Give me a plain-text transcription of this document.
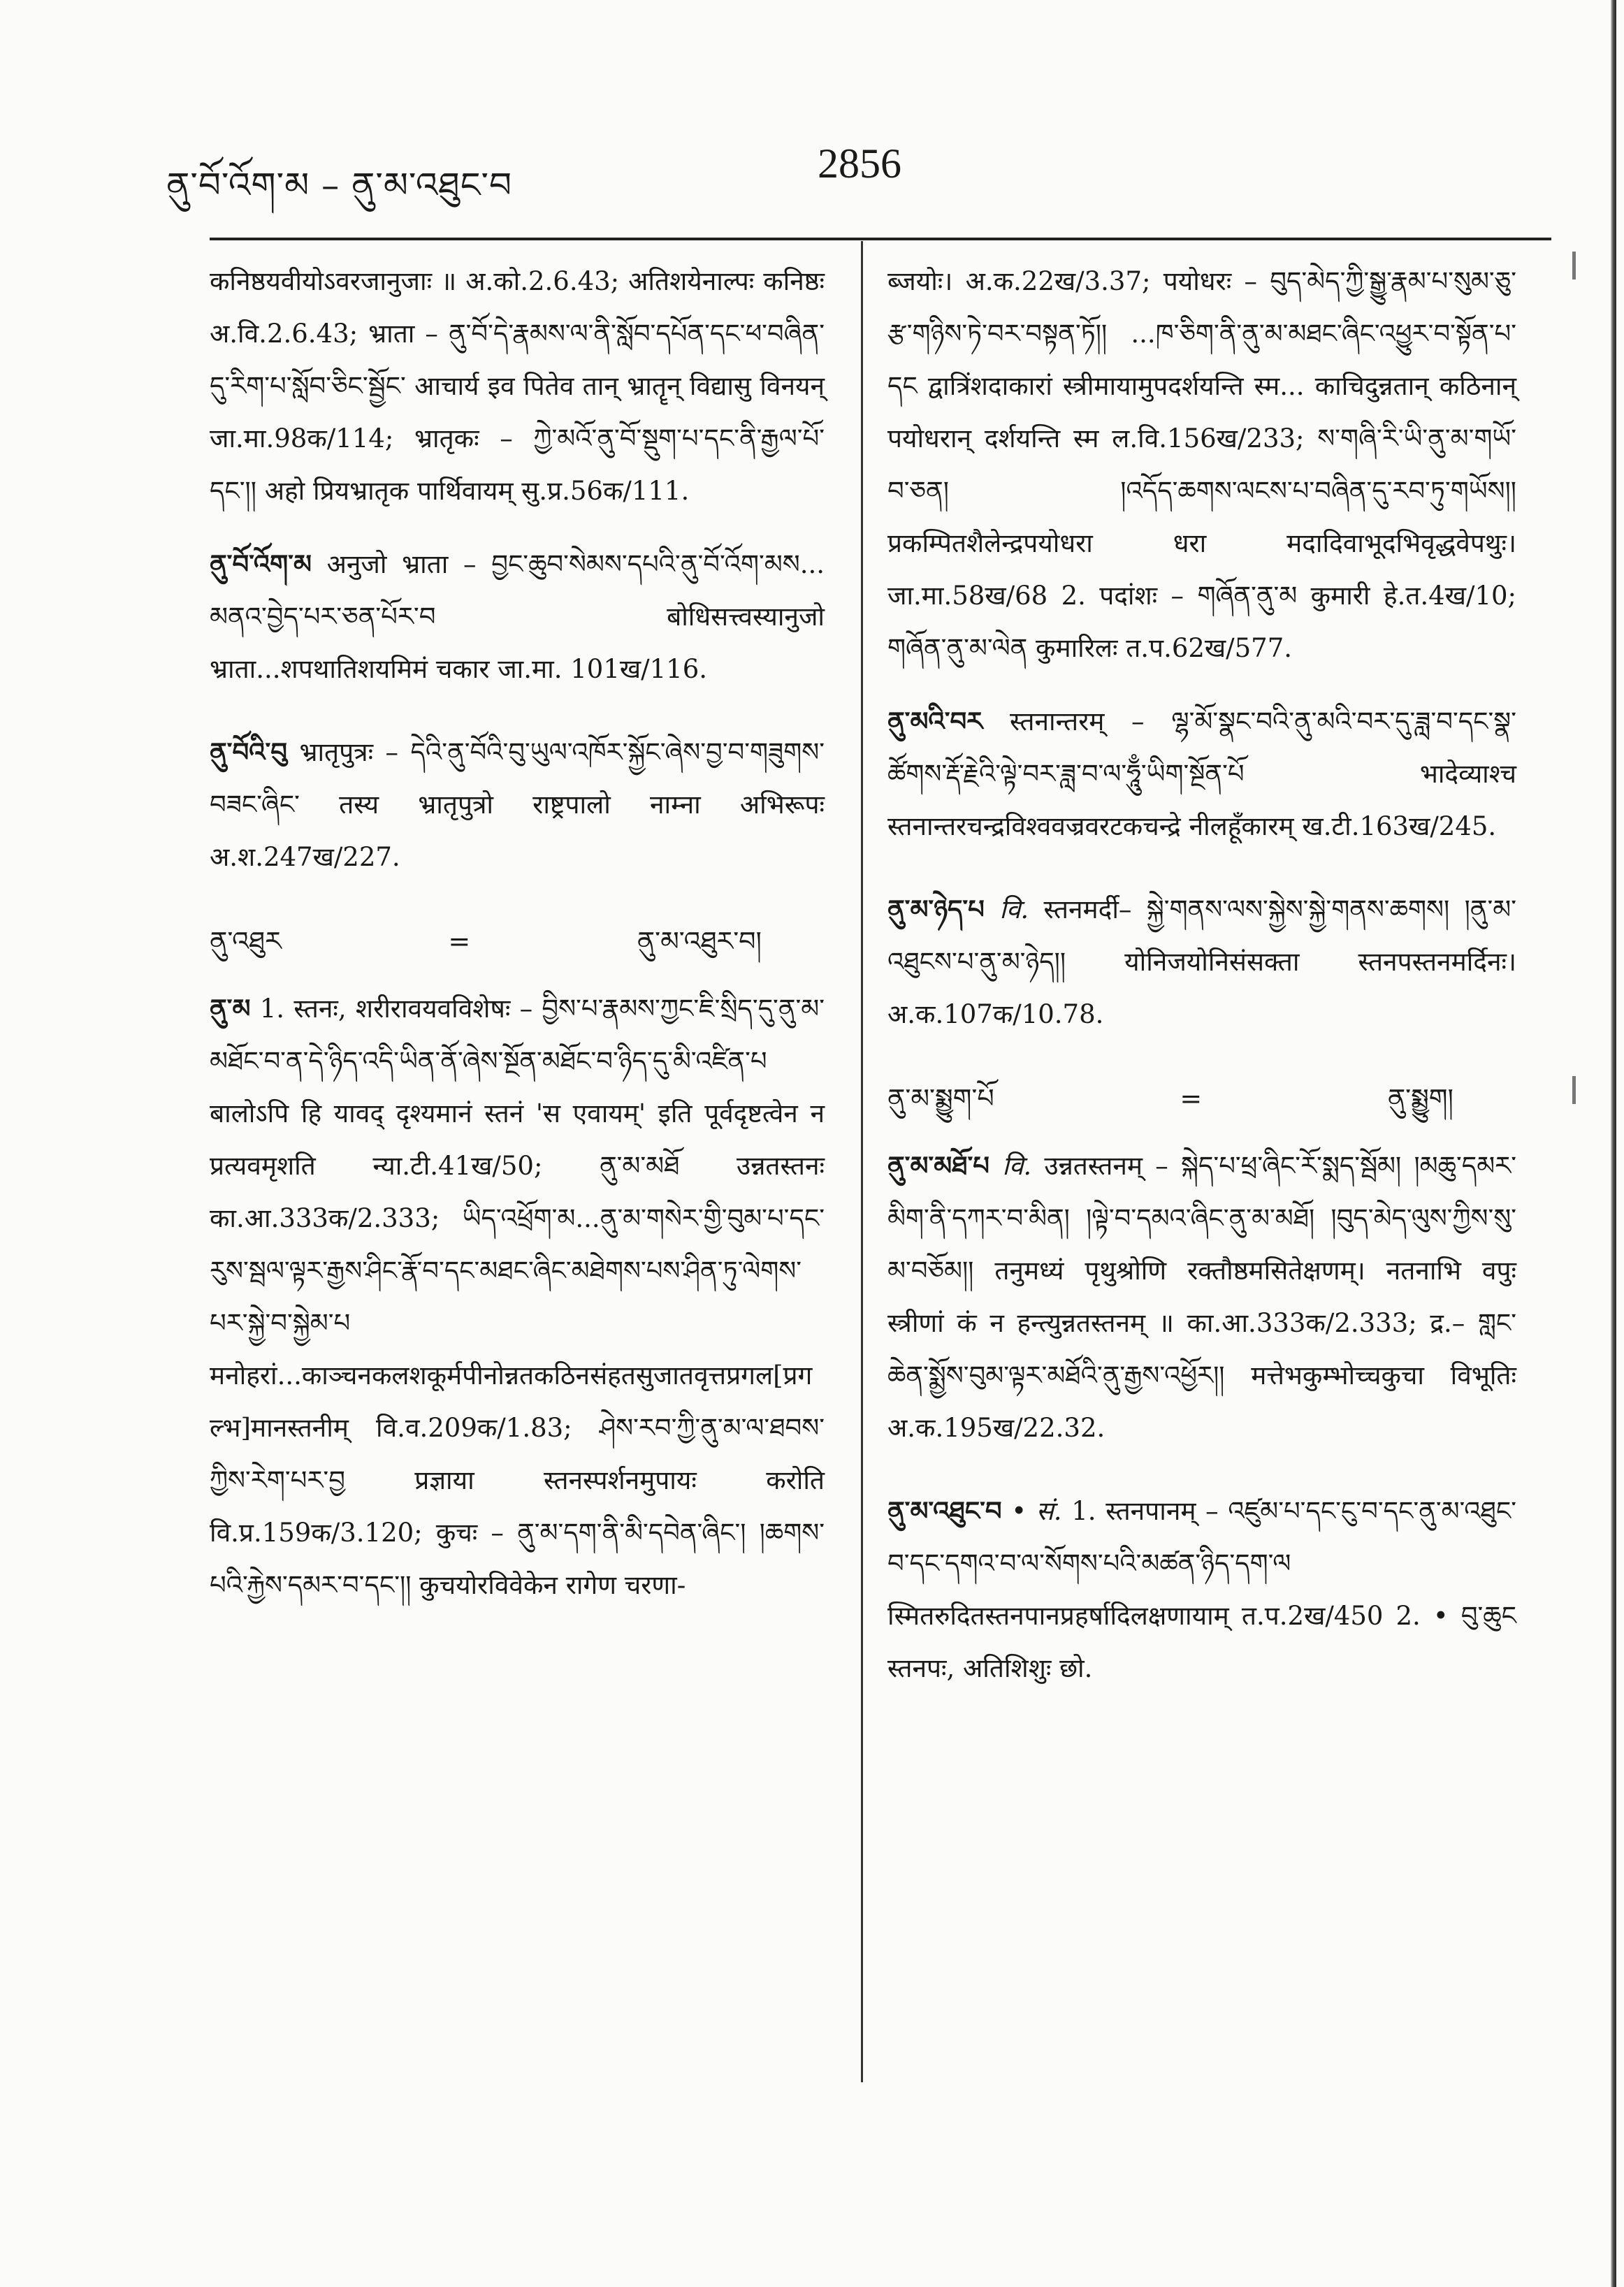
ནུ་བོ་འོག་མ – ནུ་མ་འཐུང་བ	2856
कनिष्ठयवीयोऽवरजानुजाः ॥ अ.को.2.6.43; अतिशयेनाल्पः कनिष्ठः अ.वि.2.6.43; भ्राता – ནུ་བོ་དེ་རྣམས་ལ་ནི་སློབ་དཔོན་དང་ཕ་བཞིན་དུ་རིག་པ་སློབ་ཅིང་སྦྱོང་ आचार्य इव पितेव तान् भ्रातॄन् विद्यासु विनयन् जा.मा.98क/114; भ्रातृकः – ཀྱེ་མའོ་ནུ་བོ་སྡུག་པ་དང་ནི་རྒྱལ་པོ་དང་།། अहो प्रियभ्रातृक पार्थिवायम् सु.प्र.56क/111.
ནུ་བོ་འོག་མ अनुजो भ्राता – བྱང་ཆུབ་སེམས་དཔའི་ནུ་བོ་འོག་མས... མནའ་བྱེད་པར་ཅན་པོར་བ बोधिसत्त्वस्यानुजो भ्राता...शपथातिशयमिमं चकार जा.मा. 101ख/116.
ནུ་བོའི་བུ भ्रातृपुत्रः – དེའི་ནུ་བོའི་བུ་ཡུལ་འཁོར་སྐྱོང་ཞེས་བྱ་བ་གཟུགས་བཟང་ཞིང་ तस्य भ्रातृपुत्रो राष्ट्रपालो नाम्ना अभिरूपः अ.श.247ख/227.
ནུ་འཐུར	=	ནུ་མ་འཐུར་བ།
ནུ་མ 1. स्तनः, शरीरावयवविशेषः – བྱིས་པ་རྣམས་ཀྱང་ཇི་སྲིད་དུ་ནུ་མ་མཐོང་བ་ན་དེ་ཉིད་འདི་ཡིན་ནོ་ཞེས་སྔོན་མཐོང་བ་ཉིད་དུ་མི་འཛིན་པ बालोऽपि हि यावद् दृश्यमानं स्तनं 'स एवायम्' इति पूर्वदृष्टत्वेन न प्रत्यवमृशति न्या.टी.41ख/50; ནུ་མ་མཐོ उन्नतस्तनः का.आ.333क/2.333; ཡིད་འཕྲོག་མ...ནུ་མ་གསེར་གྱི་བུམ་པ་དང་རུས་སྦལ་ལྟར་རྒྱས་ཤིང་རྣོ་བ་དང་མཐང་ཞིང་མཐེགས་པས་ཤིན་ཏུ་ལེགས་པར་སྐྱེ་བ་སྐྱེམ་པ मनोहरां...काञ्चनकलशकूर्मपीनोन्नतकठिनसंहतसुजातवृत्तप्रगल[प्रगल्भ]मानस्तनीम् वि.व.209क/1.83; ཤེས་རབ་ཀྱི་ནུ་མ་ལ་ཐབས་ཀྱིས་རེག་པར་བྱ प्रज्ञाया स्तनस्पर्शनमुपायः करोति वि.प्र.159क/3.120; कुचः – ནུ་མ་དག་ནི་མི་དབེན་ཞིང་། །ཆགས་པའི་རྐྱེས་དམར་བ་དང་།། कुचयोरविवेकेन रागेण चरणा-
ब्जयोः। अ.क.22ख/3.37; पयोधरः – བུད་མེད་ཀྱི་སྒྱུ་རྣམ་པ་སུམ་ཅུ་རྩ་གཉིས་ཏེ་བར་བསྟན་ཏོ།། ...ཁ་ཅིག་ནི་ནུ་མ་མཐང་ཞིང་འཕྱུར་བ་སྟོན་པ་དང द्वात्रिंशदाकारां स्त्रीमायामुपदर्शयन्ति स्म... काचिदुन्नतान् कठिनान् पयोधरान् दर्शयन्ति स्म ल.वि.156ख/233; ས་གཞི་རི་ཡི་ནུ་མ་གཡོ་བ་ཅན། །འདོད་ཆགས་ལངས་པ་བཞིན་དུ་རབ་ཏུ་གཡོས།། प्रकम्पितशैलेन्द्रपयोधरा धरा मदादिवाभूदभिवृद्धवेपथुः। जा.मा.58ख/68 2. पदांशः – གཞོན་ནུ་མ कुमारी हे.त.4ख/10; གཞོན་ནུ་མ་ལེན कुमारिलः त.प.62ख/577.
ནུ་མའི་བར स्तनान्तरम् – ལྷ་མོ་སྣང་བའི་ནུ་མའི་བར་དུ་ཟླ་བ་དང་སྣ་ཚོགས་རྡོ་རྗེའི་ལྟེ་བར་ཟླ་བ་ལ་ཧཱུྃ་ཡིག་སྔོན་པོ भादेव्याश्च स्तनान्तरचन्द्रविश्ववज्रवरटकचन्द्रे नीलहूँकारम् ख.टी.163ख/245.
ནུ་མ་ཉེད་པ वि. स्तनमर्दी– སྐྱེ་གནས་ལས་སྐྱེས་སྐྱེ་གནས་ཆགས། །ནུ་མ་འཐུངས་པ་ནུ་མ་ཉེད།། योनिजयोनिसंसक्ता स्तनपस्तनमर्दिनः। अ.क.107क/10.78.
ནུ་མ་སྨྱུག་པོ	=	ནུ་སྨྱུག།
ནུ་མ་མཐོ་པ वि. उन्नतस्तनम् – སྐེད་པ་ཕྲ་ཞིང་རོ་སྨད་སྦོམ། །མཆུ་དམར་མིག་ནི་དཀར་བ་མིན། །ལྟེ་བ་དམའ་ཞིང་ནུ་མ་མཐོ། །བུད་མེད་ལུས་ཀྱིས་སུ་མ་བཅོམ།། तनुमध्यं पृथुश्रोणि रक्तौष्ठमसितेक्षणम्। नतनाभि वपुः स्त्रीणां कं न हन्त्युन्नतस्तनम् ॥ का.आ.333क/2.333; द्र.– གླང་ཆེན་སྨྱོས་བུམ་ལྟར་མཐོའི་ནུ་རྒྱས་འཕྱོར།། मत्तेभकुम्भोच्चकुचा विभूतिः अ.क.195ख/22.32.
ནུ་མ་འཐུང་བ • सं. 1. स्तनपानम् – འཛུམ་པ་དང་ངུ་བ་དང་ནུ་མ་འཐུང་བ་དང་དགའ་བ་ལ་སོགས་པའི་མཚན་ཉིད་དག་ལ स्मितरुदितस्तनपानप्रहर्षादिलक्षणायाम् त.प.2ख/450 2. • བུ་ཆུང स्तनपः, अतिशिशुः छो.
